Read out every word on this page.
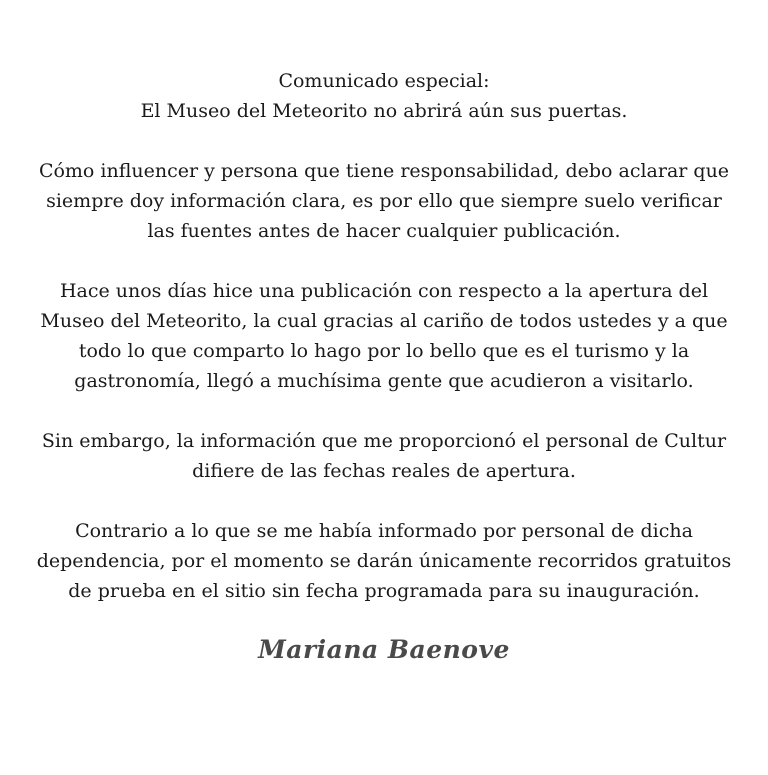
Comunicado especial:
El Museo del Meteorito no abrirá aún sus puertas.

Cómo influencer y persona que tiene responsabilidad, debo aclarar que
siempre doy información clara, es por ello que siempre suelo verificar
las fuentes antes de hacer cualquier publicación.

Hace unos días hice una publicación con respecto a la apertura del
Museo del Meteorito, la cual gracias al cariño de todos ustedes y a que
todo lo que comparto lo hago por lo bello que es el turismo y la
gastronomía, llegó a muchísima gente que acudieron a visitarlo.

Sin embargo, la información que me proporcionó el personal de Cultur
difiere de las fechas reales de apertura.

Contrario a lo que se me había informado por personal de dicha
dependencia, por el momento se darán únicamente recorridos gratuitos
de prueba en el sitio sin fecha programada para su inauguración.

Mariana Baenove
